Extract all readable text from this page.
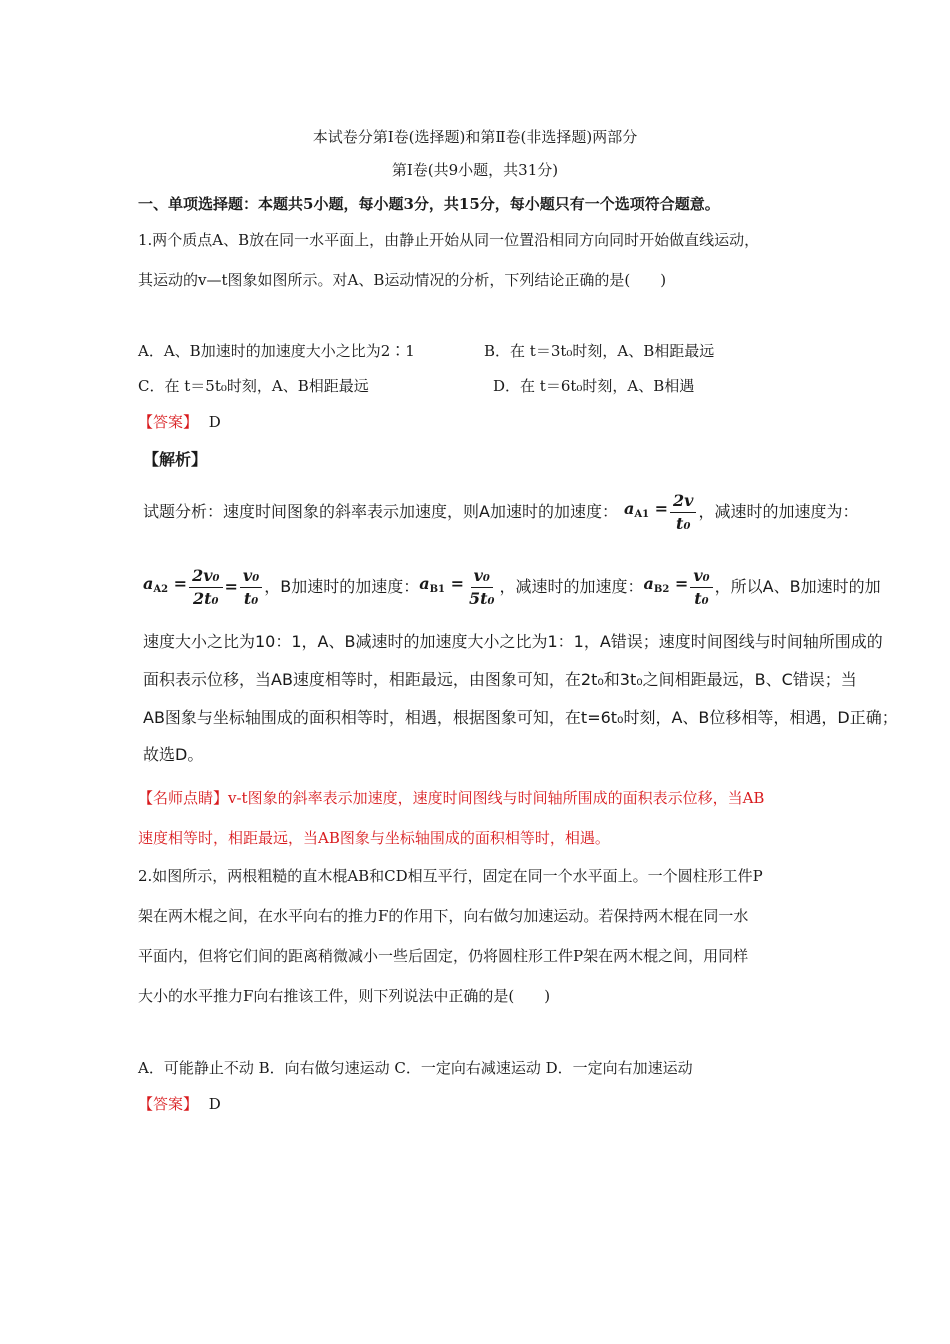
本试卷分第Ⅰ卷(选择题)和第Ⅱ卷(非选择题)两部分
第Ⅰ卷(共9小题，共31分)
一、单项选择题：本题共5小题，每小题3分，共15分，每小题只有一个选项符合题意。
1.两个质点A、B放在同一水平面上，由静止开始从同一位置沿相同方向同时开始做直线运动，
其运动的v—t图象如图所示。对A、B运动情况的分析，下列结论正确的是(　　)
A．A、B加速时的加速度大小之比为2∶1	B．在 t＝3t₀时刻，A、B相距最远
C．在 t＝5t₀时刻，A、B相距最远	D．在 t＝6t₀时刻，A、B相遇
【答案】 D
【解析】
试题分析：速度时间图象的斜率表示加速度，则A加速时的加速度： $a_{A1} = \frac{2v}{\text{t₀}}$ ，减速时的加速度为：
$a_{A2} = \frac{\text{2v₀}}{\text{2t₀}} = \frac{\text{v₀}}{\text{t₀}}$ ，B加速时的加速度： $a_{B1} = \frac{\text{v₀}}{\text{5t₀}}$ ，减速时的加速度： $a_{B2} = \frac{\text{v₀}}{\text{t₀}}$ ，所以A、B加速时的加
速度大小之比为10：1，A、B减速时的加速度大小之比为1：1，A错误；速度时间图线与时间轴所围成的
面积表示位移，当AB速度相等时，相距最远，由图象可知，在2t₀和3t₀之间相距最远，B、C错误；当
AB图象与坐标轴围成的面积相等时，相遇，根据图象可知，在t=6t₀时刻，A、B位移相等，相遇，D正确；
故选D。
【名师点睛】v-t图象的斜率表示加速度，速度时间图线与时间轴所围成的面积表示位移，当AB
速度相等时，相距最远，当AB图象与坐标轴围成的面积相等时，相遇。
2.如图所示，两根粗糙的直木棍AB和CD相互平行，固定在同一个水平面上。一个圆柱形工件P
架在两木棍之间，在水平向右的推力F的作用下，向右做匀加速运动。若保持两木棍在同一水
平面内，但将它们间的距离稍微减小一些后固定，仍将圆柱形工件P架在两木棍之间，用同样
大小的水平推力F向右推该工件，则下列说法中正确的是(　　)
A．可能静止不动 B．向右做匀速运动 C．一定向右减速运动 D．一定向右加速运动
【答案】 D
